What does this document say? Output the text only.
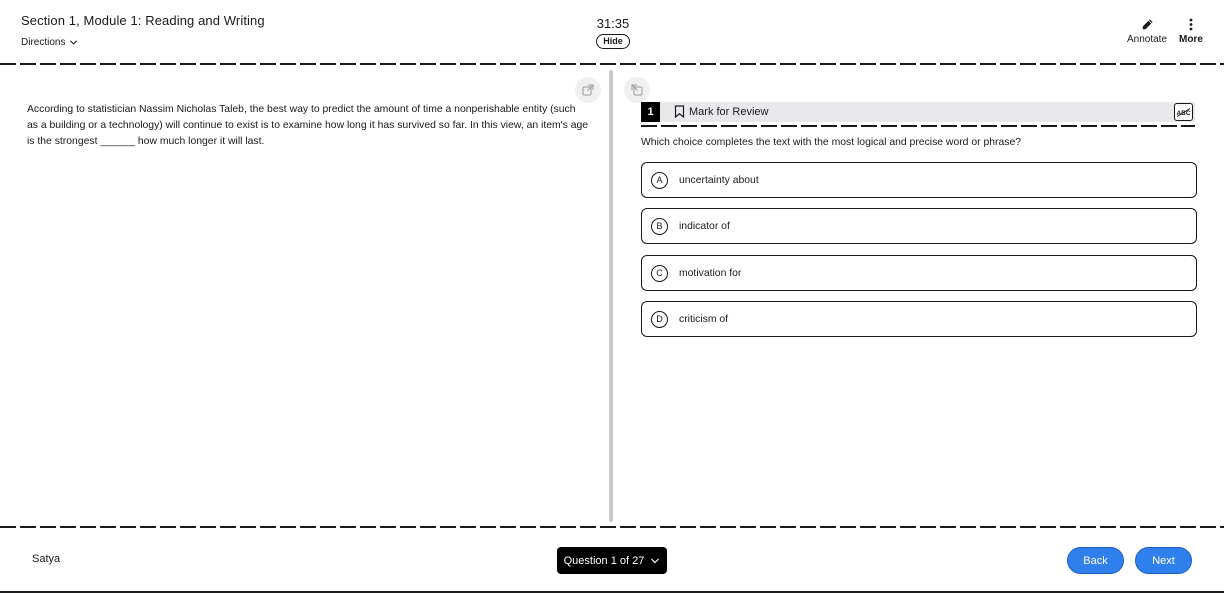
Section 1, Module 1: Reading and Writing
Directions
31:35
Hide	Annotate	More
According to statistician Nassim Nicholas Taleb, the best way to predict the amount of time a nonperishable entity (such as a building or a technology) will continue to exist is to examine how long it has survived so far. In this view, an item's age is the strongest ______ how much longer it will last.
1	Mark for Review	ABC
Which choice completes the text with the most logical and precise word or phrase?
A	uncertainty about
B	indicator of
C	motivation for
D	criticism of
Satya	Question 1 of 27	Back	Next
